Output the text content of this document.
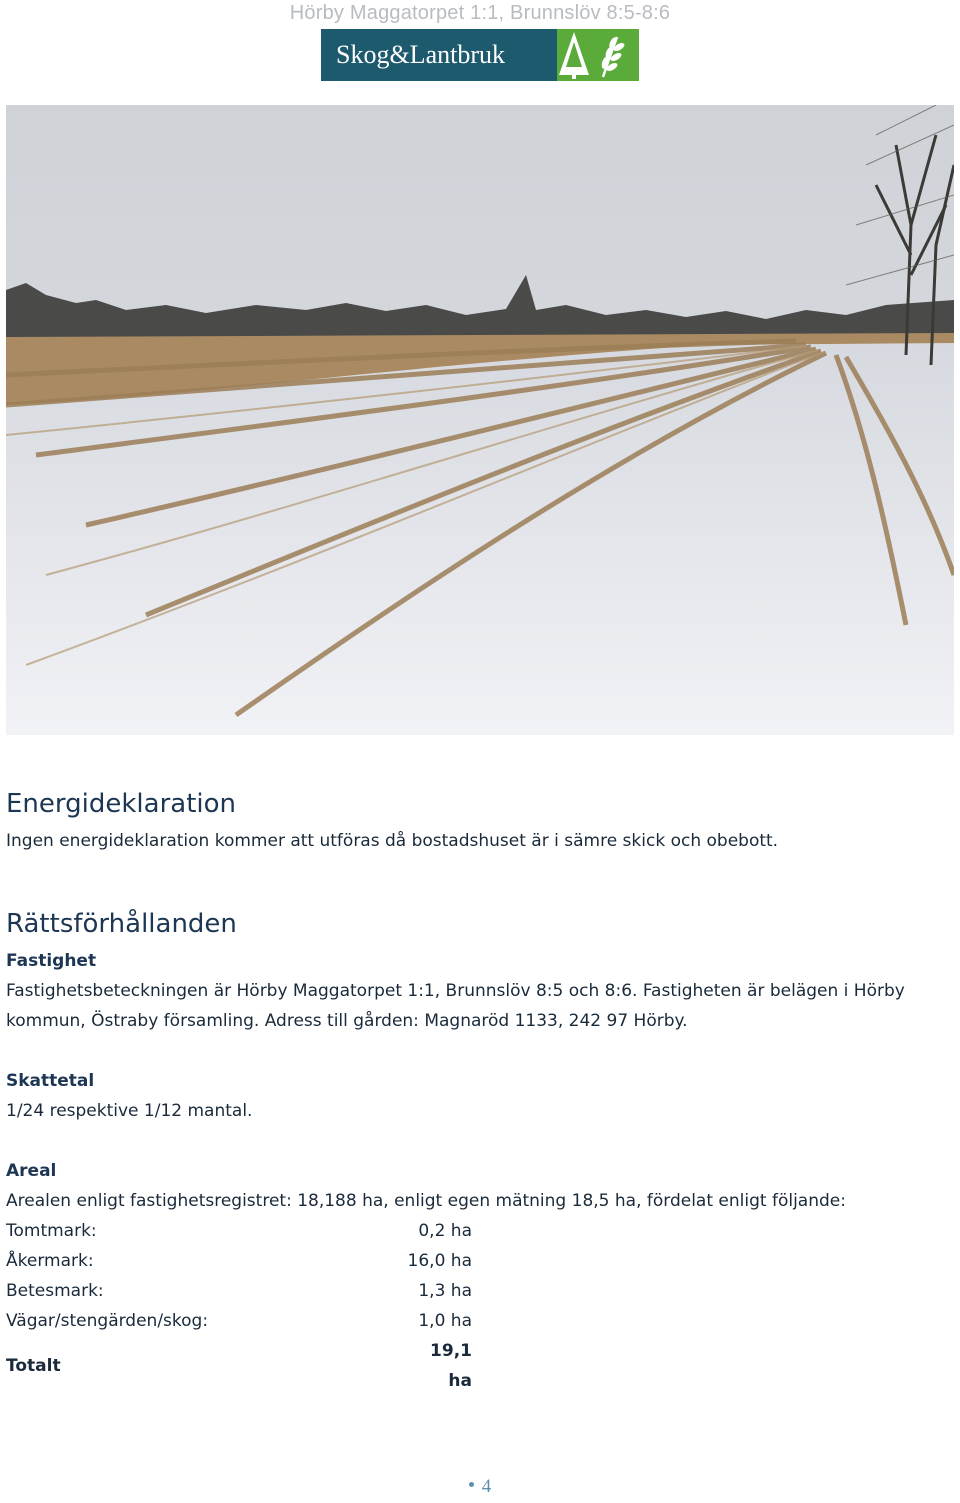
Hörby Maggatorpet 1:1, Brunnslöv 8:5-8:6
Skog&Lantbruk
Energideklaration

Ingen energideklaration kommer att utföras då bostadshuset är i sämre skick och obebott.

Rättsförhållanden
Fastighet

Fastighetsbeteckningen är Hörby Maggatorpet 1:1, Brunnslöv 8:5 och 8:6. Fastigheten är belägen i Hörby

kommun, Östraby församling. Adress till gården: Magnaröd 1133, 242 97 Hörby.

Skattetal

1/24 respektive 1/12 mantal.

Areal

Arealen enligt fastighetsregistret: 18,188 ha, enligt egen mätning 18,5 ha, fördelat enligt följande:

Tomtmark:	0,2 ha
Åkermark:	16,0 ha
Betesmark:	1,3 ha
Vägar/stengärden/skog:	1,0 ha
Totalt	19,1 ha
4
